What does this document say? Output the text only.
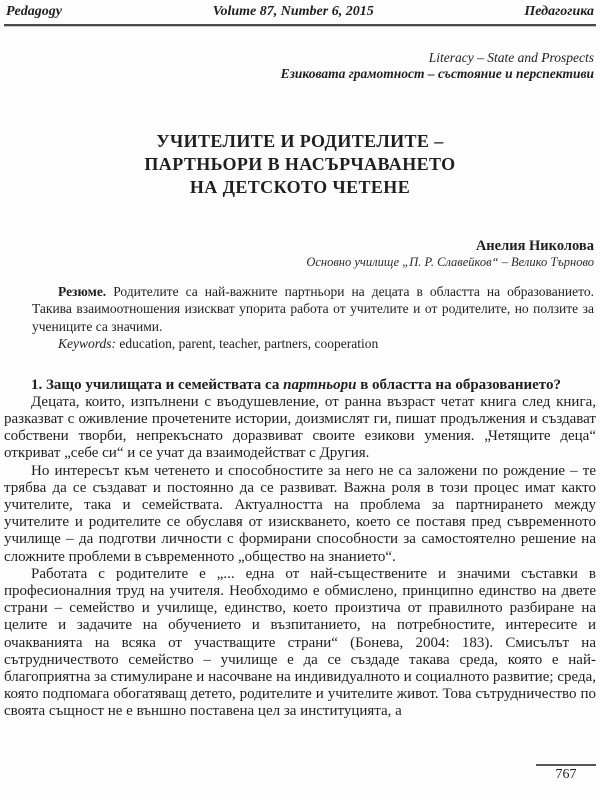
Pedagogy	Volume 87, Number 6, 2015	Педагогика
Literacy – State and Prospects
Езиковата грамотност – състояние и перспективи
УЧИТЕЛИТЕ И РОДИТЕЛИТЕ –
ПАРТНЬОРИ В НАСЪРЧАВАНЕТО
НА ДЕТСКОТО ЧЕТЕНЕ
Анелия Николова
Основно училище „П. Р. Славейков“ – Велико Търново

Резюме. Родителите са най-важните партньори на децата в областта на образованието. Такива взаимоотношения изискват упорита работа от учителите и от родителите, но ползите за учениците са значими.

Keywords: education, parent, teacher, partners, cooperation

1. Защо училищата и семействата са партньори в областта на образованието?

Децата, които, изпълнени с въодушевление, от ранна възраст четат книга след книга, разказват с оживление прочетените истории, доизмислят ги, пишат продължения и създават собствени творби, непрекъснато доразвиват своите езикови умения. „Четящите деца“ откриват „себе си“ и се учат да взаимодействат с Другия.

Но интересът към четенето и способностите за него не са заложени по рождение – те трябва да се създават и постоянно да се развиват. Важна роля в този процес имат както учителите, така и семействата. Актуалността на проблема за партнирането между учителите и родителите се обуславя от изискването, което се поставя пред съвременното училище – да подготви личности с формирани способности за самостоятелно решение на сложните проблеми в съвременното „общество на знанието“.

Работата с родителите е „... една от най-съществените и значими съставки в професионалния труд на учителя. Необходимо е обмислено, принципно единство на двете страни – семейство и училище, единство, което произтича от правилното разбиране на целите и задачите на обучението и възпитанието, на потребностите, интересите и очакванията на всяка от участващите страни“ (Бонева, 2004: 183). Смисълът на сътрудничеството семейство – училище е да се създаде такава среда, която е най-благоприятна за стимулиране и насочване на индивидуалното и социалното развитие; среда, която подпомага обогатяващ детето, родителите и учителите живот. Това сътрудничество по своята същност не е външно поставена цел за институцията, а

767
